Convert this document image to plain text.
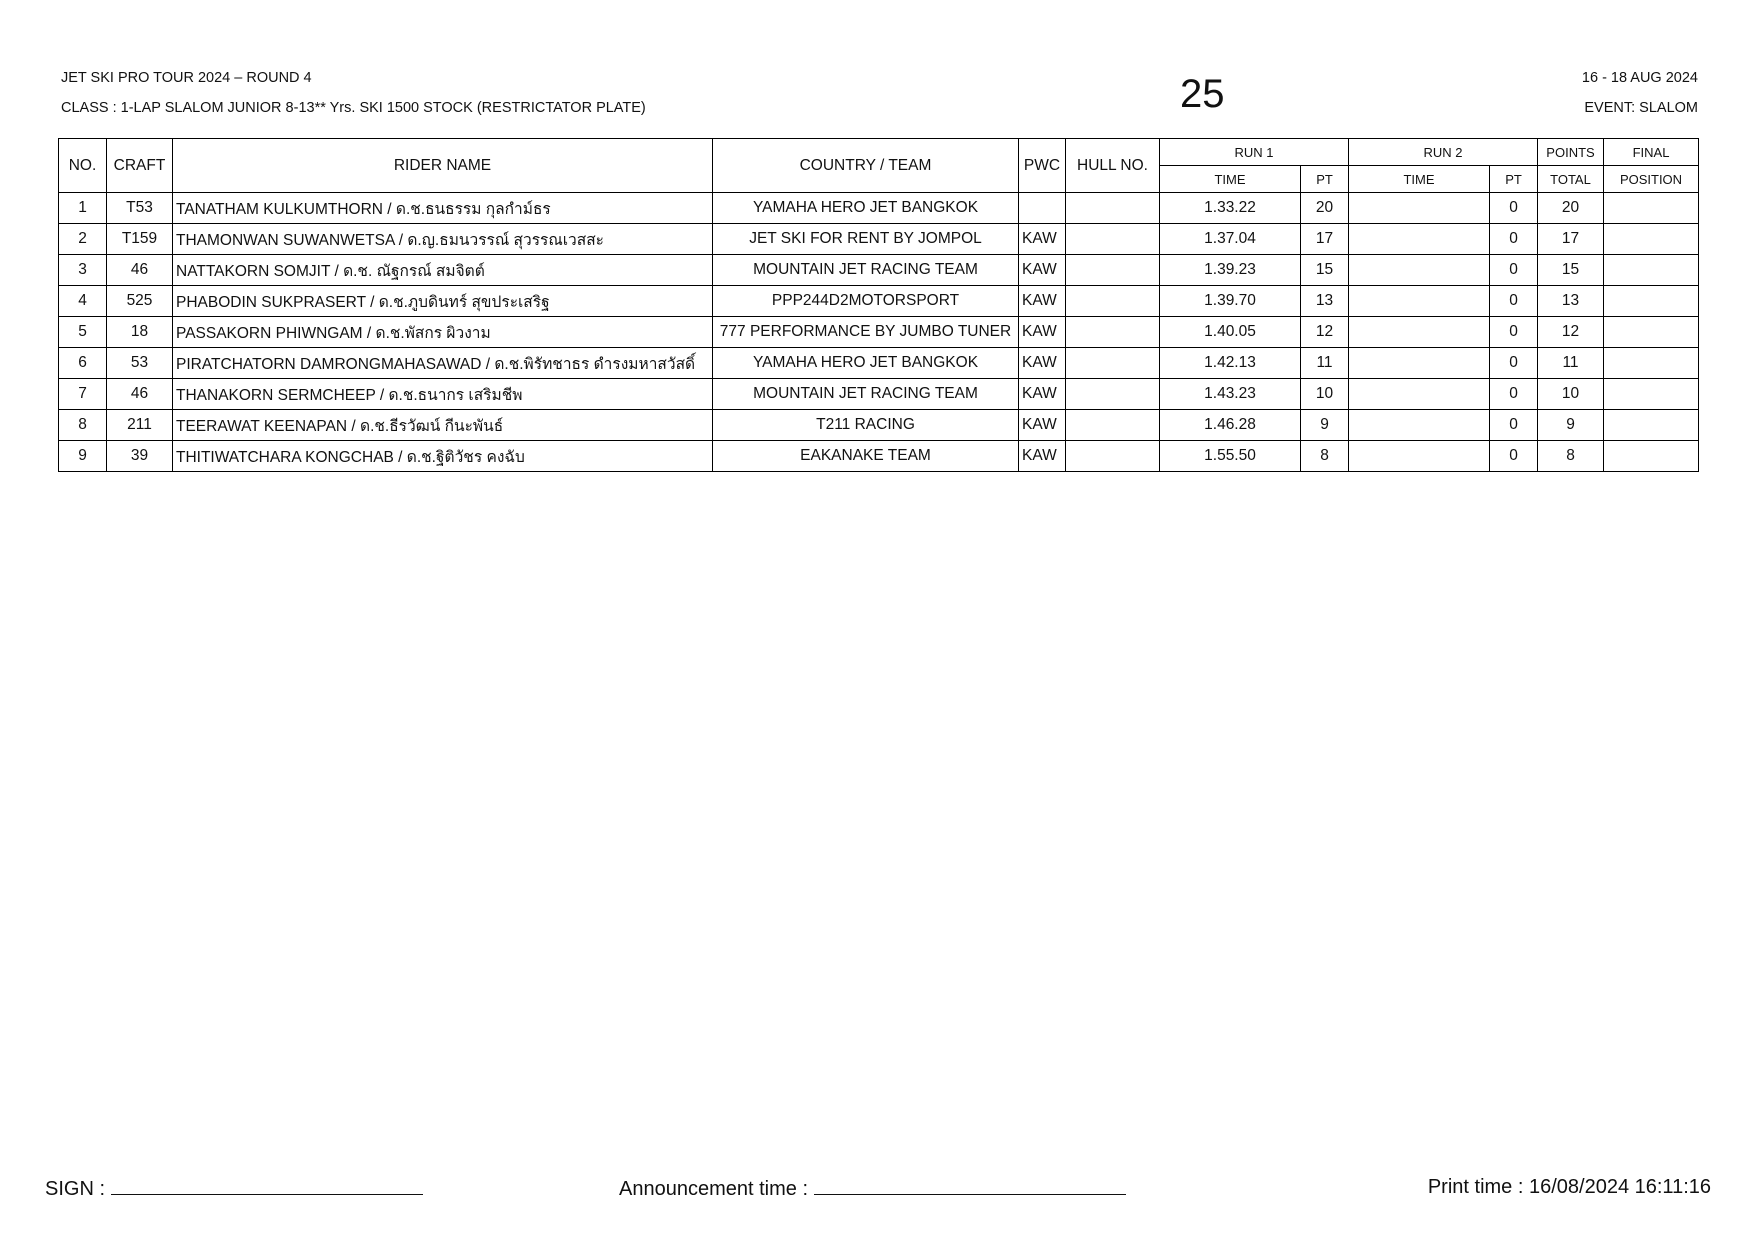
JET SKI PRO TOUR 2024 – ROUND 4
CLASS : 1-LAP SLALOM JUNIOR 8-13** Yrs. SKI 1500 STOCK (RESTRICTATOR PLATE)	25	16 - 18 AUG 2024
EVENT: SLALOM
NO.	CRAFT	RIDER NAME	COUNTRY / TEAM	PWC	HULL NO.	RUN 1		RUN 2		POINTS	FINAL
						TIME	PT	TIME	PT	TOTAL	POSITION
1	T53	TANATHAM KULKUMTHORN / ด.ช.ธนธรรม กุลกำม์ธร	YAMAHA HERO JET BANGKOK			1.33.22	20		0	20	
2	T159	THAMONWAN SUWANWETSA / ด.ญ.ธมนวรรณ์ สุวรรณเวสสะ	JET SKI FOR RENT BY JOMPOL	KAW		1.37.04	17		0	17	
3	46	NATTAKORN SOMJIT / ด.ช. ณัฐกรณ์ สมจิตต์	MOUNTAIN JET RACING TEAM	KAW		1.39.23	15		0	15	
4	525	PHABODIN SUKPRASERT / ด.ช.ภูบดินทร์ สุขประเสริฐ	PPP244D2MOTORSPORT	KAW		1.39.70	13		0	13	
5	18	PASSAKORN PHIWNGAM / ด.ช.พัสกร ผิวงาม	777 PERFORMANCE BY JUMBO TUNER	KAW		1.40.05	12		0	12	
6	53	PIRATCHATORN DAMRONGMAHASAWAD / ด.ช.พิรัทชาธร ดำรงมหาสวัสดิ์	YAMAHA HERO JET BANGKOK	KAW		1.42.13	11		0	11	
7	46	THANAKORN SERMCHEEP / ด.ช.ธนากร เสริมชีพ	MOUNTAIN JET RACING TEAM	KAW		1.43.23	10		0	10	
8	211	TEERAWAT KEENAPAN / ด.ช.ธีรวัฒน์ กีนะพันธ์	T211 RACING	KAW		1.46.28	9		0	9	
9	39	THITIWATCHARA KONGCHAB / ด.ช.ฐิติวัชร คงฉับ	EAKANAKE TEAM	KAW		1.55.50	8		0	8	
SIGN :	Announcement time :	Print time : 16/08/2024 16:11:16
